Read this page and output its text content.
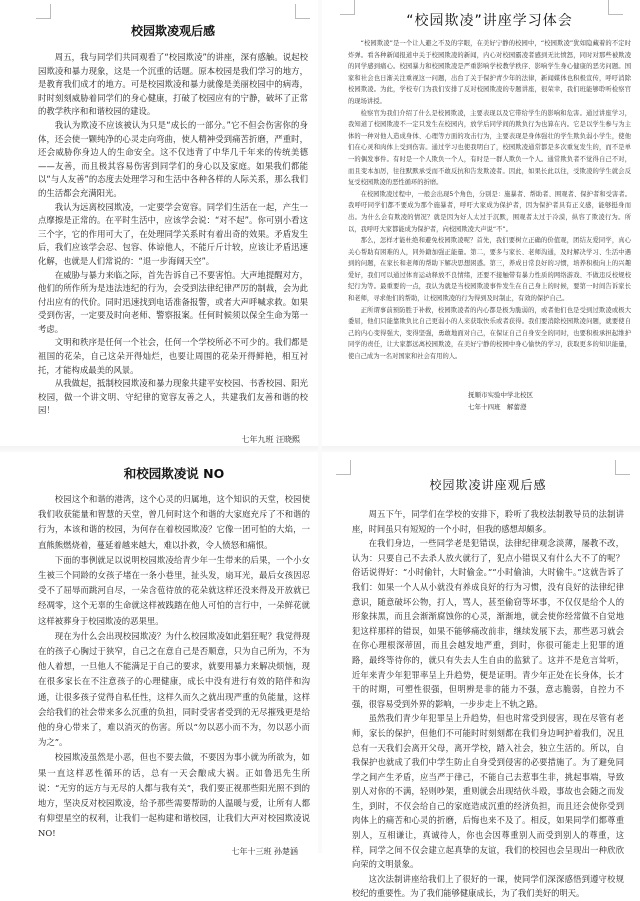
校园欺凌观后感

周五，我与同学们共同观看了“校园欺凌”的讲座，深有感触。说起校园欺凌和暴力现象，这是一个沉重的话题。原本校园是我们学习的地方，是教育我们成才的地方。可是校园欺凌和暴力就像是美丽校园中的病毒，时时刻刻威胁着同学们的身心健康，打破了校园应有的宁静，破坏了正常的教学秩序和和谐校园的建设。

我认为欺凌不应该被认为只是“成长的一部分。”它不但会伤害你的身体，还会使一颗纯净的心灵走向弯曲，使人精神受到痛苦折磨，严重时，还会威胁你身边人的生命安全。这不仅违背了中华几千年来的传统美德——友善，而且极其容易伤害到同学们的身心以及家庭。如果我们都能以“与人友善”的态度去处理学习和生活中各种各样的人际关系，那么我们的生活都会充满阳光。

我认为远离校园欺凌，一定要学会宽容。同学们生活在一起，产生一点摩擦是正常的。在平时生活中，应该学会说：“对不起”。你可别小看这三个字，它的作用可大了，在处理同学关系时有着出奇的效果。矛盾发生后，我们应该学会忍、包容、体谅他人，不能斤斤计较，应该让矛盾迅速化解，也就是人们常说的：“退一步海阔天空”。

在威胁与暴力来临之际，首先告诉自己不要害怕。大声地提醒对方，他们的所作所为是违法违纪的行为，会受到法律纪律严厉的制裁，会为此付出应有的代价。同时迅速找到电话准备报警，或者大声呼喊求救。如果受到伤害，一定要及时向老师、警察报案。任何时候须以保全生命为第一考虑。

文明和秩序是任何一个社会，任何一个学校所必不可少的。我们都是祖国的花朵，自己这朵开得灿烂，也要让周围的花朵开得鲜艳，相互衬托，才能构成最美的风景。

从我做起，抵制校园欺凌和暴力现象共建平安校园、书香校园、阳光校园，做一个讲文明、守纪律的宽容友善之人，共建我们友善和谐的校园！

七年九班 汪晓熙
“校园欺凌”讲座学习体会

“校园欺凌”是一个让人避之不及的字眼，在美好宁静的校园中，“校园欺凌”犹如隐藏着的不定时炸弹。看各种新闻报道中关于校园欺凌的新闻，内心对校园霸凌者感到无比愤怒，同时对那些被欺凌的同学感到痛心。校园暴力和校园欺凌是严重影响学校教学秩序、影响学生身心健康的恶劣问题。国家和社会也日渐关注重视这一问题，出台了关于保护青少年的法律，新闻媒体也积极宣传，呼吁消除校园欺凌。为此，学校专门为我们安排了反对校园欺凌的专题讲座，很荣幸，我们班能够聆听检察官的现场讲授。

检察官为我们介绍了什么是校园欺凌，主要表现以及它带给学生的影响和危害。通过讲座学习，我知道了校园欺凌不一定只发生在校园内，放学后同学间的欺负行为也算在内。它是以学生参与为主体的一种对他人造成身体、心理等方面的攻击行为，主要表现是身体强壮的学生欺负弱小学生，使他们在心灵和肉体上受到伤害。通过学习也使我明白了，校园欺凌通常都是多次重复发生的，而不是单一的偶发事件。有时是一个人欺负一个人，有时是一群人欺负一个人。通常欺负者不觉得自己不对，而且变本加厉，往往默默承受而不敢反抗和告发欺凌者。因此，如果长此以往，受欺凌的学生就会反复受校园欺凌的恶性循环的折磨。

在校园欺凌过程中，一般会出现5个角色，分别是：施暴者、帮助者、围观者、保护者和受害者。我呼吁同学们都不要成为那个施暴者，呼吁大家成为保护者，因为保护者具有正义感，能够挺身而出。为什么会有欺凌的情况？就是因为好人太过于沉默，围观者太过于冷漠，纵容了欺凌行为。所以，我呼吁大家都能成为保护者，向校园欺凌大声说“不”。

那么，怎样才能杜绝和避免校园欺凌呢？首先，我们要树立正确的价值观，团结友爱同学，真心关心帮助有困难的人，同外籍加强正能量。第二，要多与家长、老师沟通，及时解决学习、生活中遇到的问题，在家长和老师的帮助下解决思想困惑。第三，养成日常良好的习惯，培养积极向上的兴趣爱好，我们可以通过体育运动释放不良情绪，还要不接触带有暴力性质的网络游戏、不做违反校规校纪行为等。最重要的一点，我认为就是当校园欺凌事件发生在自己身上的时候，要第一时间告诉家长和老师，寻求他们的帮助，让校园欺凌的行为得到及时制止，有效的保护自己。

正所谓事前预防胜于补救，校园欺凌者的内心都是极为脆弱的，或者他们也是受到过欺凌或极大委屈，他们只能靠欺负比自己更弱小的人来获取快乐或者获得。我们要消除校园欺凌问题，就要使自己的内心变得强大，变得坚强，勇敢地面对自己，在保证自己自身安全的同时，也要积极承担起维护同学的责任，让大家都远离校园欺凌，在美好宁静的校园中身心愉快的学习，获取更多的知识能量，使自己成为一名对国家和社会有用的人。

抚顺市实验中学北校区
七年十四班　解蕾澄
和校园欺凌说 NO

校园这个和谐的港湾，这个心灵的归属地，这个知识的天堂，校园使我们收获能量和智慧的天堂，曾几何时这个和谐的大家庭充斥了不和谐的行为，本该和谐的校园，为何存在着校园欺凌？它像一团可怕的大焰，一直熊熊燃烧着，蔓延着越来越大，难以扑救，令人愤怒和痛恨。

下面的事例就足以说明校园欺凌给青少年一生带来的后果，一个小女生被三个同龄的女孩子堵在一条小巷里，扯头发，扇耳光，最后女孩因忍受不了屈辱而跳河自尽，一朵含苞待放的花朵就这样还没来得及开放就已经凋零，这个无辜的生命就这样被践踏在他人可怕的言行中，一朵鲜花就这样被葬身于校园欺凌的恶果里。

现在为什么会出现校园欺凌？为什么校园欺凌如此猖狂呢？我觉得现在的孩子心胸过于狭窄，自己之在意自己是否顺意，只为自己所为，不为他人着想，一旦他人不能满足于自己的要求，就要用暴力来解决烦恼，现在很多家长在不注意孩子的心理健康，成长中没有进行有效的陪伴和沟通，让很多孩子觉得自私任性，这样久而久之就出现严重的负能量，这样会给我们的社会带来多么沉重的负担，同时受害者受到的无尽摧残更是给他的身心带来了，难以消灭的伤害。所以“勿以恶小而不为，勿以恶小而为之”。

校园欺凌虽然是小恶，但也不要去做，不要因为事小就为所欲为，如果一直这样恶性循环的话，总有一天会酿成大祸。正如鲁迅先生所说：“无穷的远方与无尽的人都与我有关”，我们要正视那些阳光照不到的地方，坚决反对校园欺凌，给予那些需要帮助的人温暖与爱，让所有人都有仰望星空的权利，让我们一起构建和谐校园，让我们大声对校园欺凌说 NO!

七年十三班 孙楚涵
校园欺凌讲座观后感

周五下午，同学们在学校的安排下，聆听了我校法制教导员的法制讲座，时间虽只有短短的一个小时，但我的感想却颇多。

在我们身边，一些同学老是犯错误，法律纪律观念淡薄，屡教不改，认为：只要自己不去杀人放火就行了，犯点小错误又有什么大不了的呢？俗话说得好：“小时偷针，大时偷金。”“小时偷油，大时偷牛。”这就告诉了我们：如果一个人从小就没有养成良好的行为习惯，没有良好的法律纪律意识，随意破坏公物，打人，骂人，甚至偷窃等坏事，不仅仅是给个人的形象抹黑，而且会渐渐腐蚀你的心灵，渐渐地，就会使你经常做不自觉地犯这样那样的错误，如果不能够痛改前非，继续发展下去，那些恶习就会在你心理根深蒂固，而且会越发地严重，到时，你很可能走上犯罪的道路，最终等待你的，就只有失去人生自由的监狱了。这并不是危言耸听，近年来青少年犯罪率呈上升趋势，便是证明。青少年正处在长身体，长才干的时期，可塑性很强，但明辨是非的能力不强，意志脆弱，自控力不强，很容易受到外界的影响，一步步走上不轨之路。

虽然我们青少年犯罪呈上升趋势，但也时常受到侵害，现在尽管有老师，家长的保护，但他们不可能时时刻刻都在我们身边呵护着我们，况且总有一天我们会离开父母，离开学校，踏入社会，独立生活的。所以，自我保护也就成了我们中学生防止自身受到侵害的必要措施了。为了避免同学之间产生矛盾，应当严于律己，不能自己去惹事生非，挑起事端，导致别人对你的不满，轻则吵架，重则就会出现结伙斗殴，事故也会随之而发生，到时，不仅会给自己的家庭造成沉重的经济负担，而且还会使你受到肉体上的痛苦和心灵的折磨，后悔也来不及了。相反，如果同学们都尊重别人，互相谦让，真诚待人，你也会因尊重别人而受到别人的尊重，这样，同学之间不仅会建立起真挚的友谊，我们的校园也会呈现出一种欣欣向荣的文明景象。

这次法制讲座给我们上了很好的一课，使同学们深深感悟到遵守校规校纪的重要性。为了我们能够健康成长，为了我们美好的明天。
